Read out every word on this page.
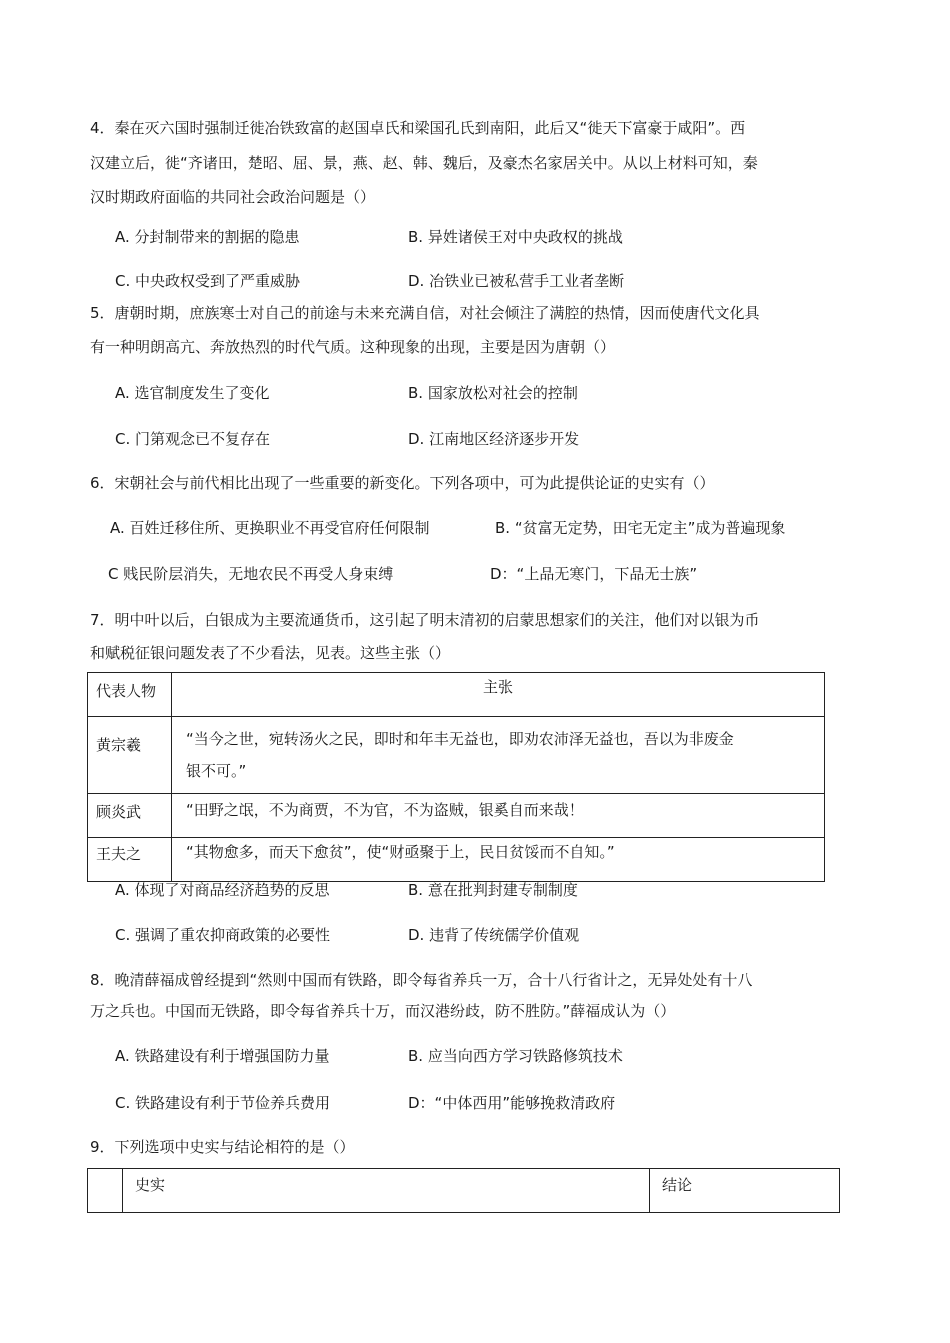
4．秦在灭六国时强制迁徙冶铁致富的赵国卓氏和梁国孔氏到南阳，此后又“徙天下富豪于咸阳”。西
汉建立后，徙“齐诸田，楚昭、屈、景，燕、赵、韩、魏后，及豪杰名家居关中。从以上材料可知，秦
汉时期政府面临的共同社会政治问题是（）
A. 分封制带来的割据的隐患	B. 异姓诸侯王对中央政权的挑战
C. 中央政权受到了严重威胁	D. 冶铁业已被私营手工业者垄断
5．唐朝时期，庶族寒士对自己的前途与未来充满自信，对社会倾注了满腔的热情，因而使唐代文化具
有一种明朗高亢、奔放热烈的时代气质。这种现象的出现，主要是因为唐朝（）
A. 选官制度发生了变化	B. 国家放松对社会的控制
C. 门第观念已不复存在	D. 江南地区经济逐步开发
6．宋朝社会与前代相比出现了一些重要的新变化。下列各项中，可为此提供论证的史实有（）
A. 百姓迁移住所、更换职业不再受官府任何限制	B. “贫富无定势，田宅无定主”成为普遍现象
C 贱民阶层消失，无地农民不再受人身束缚	D：“上品无寒门，下品无士族”
7．明中叶以后，白银成为主要流通货币，这引起了明末清初的启蒙思想家们的关注，他们对以银为币
和赋税征银问题发表了不少看法，见表。这些主张（）
代表人物	主张
黄宗羲	“当今之世，宛转汤火之民，即时和年丰无益也，即劝农沛泽无益也，吾以为非废金
银不可。”
顾炎武	“田野之氓，不为商贾，不为官，不为盗贼，银奚自而来哉！
王夫之	“其物愈多，而天下愈贫”，使“财亟聚于上，民日贫馁而不自知。”
A. 体现了对商品经济趋势的反思	B. 意在批判封建专制制度
C. 强调了重农抑商政策的必要性	D. 违背了传统儒学价值观
8．晚清薛福成曾经提到“然则中国而有铁路，即令每省养兵一万，合十八行省计之，无异处处有十八
万之兵也。中国而无铁路，即令每省养兵十万，而汉港纷歧，防不胜防。”薛福成认为（）
A. 铁路建设有利于增强国防力量	B. 应当向西方学习铁路修筑技术
C. 铁路建设有利于节俭养兵费用	D：“中体西用”能够挽救清政府
9．下列选项中史实与结论相符的是（）
	史实	结论
